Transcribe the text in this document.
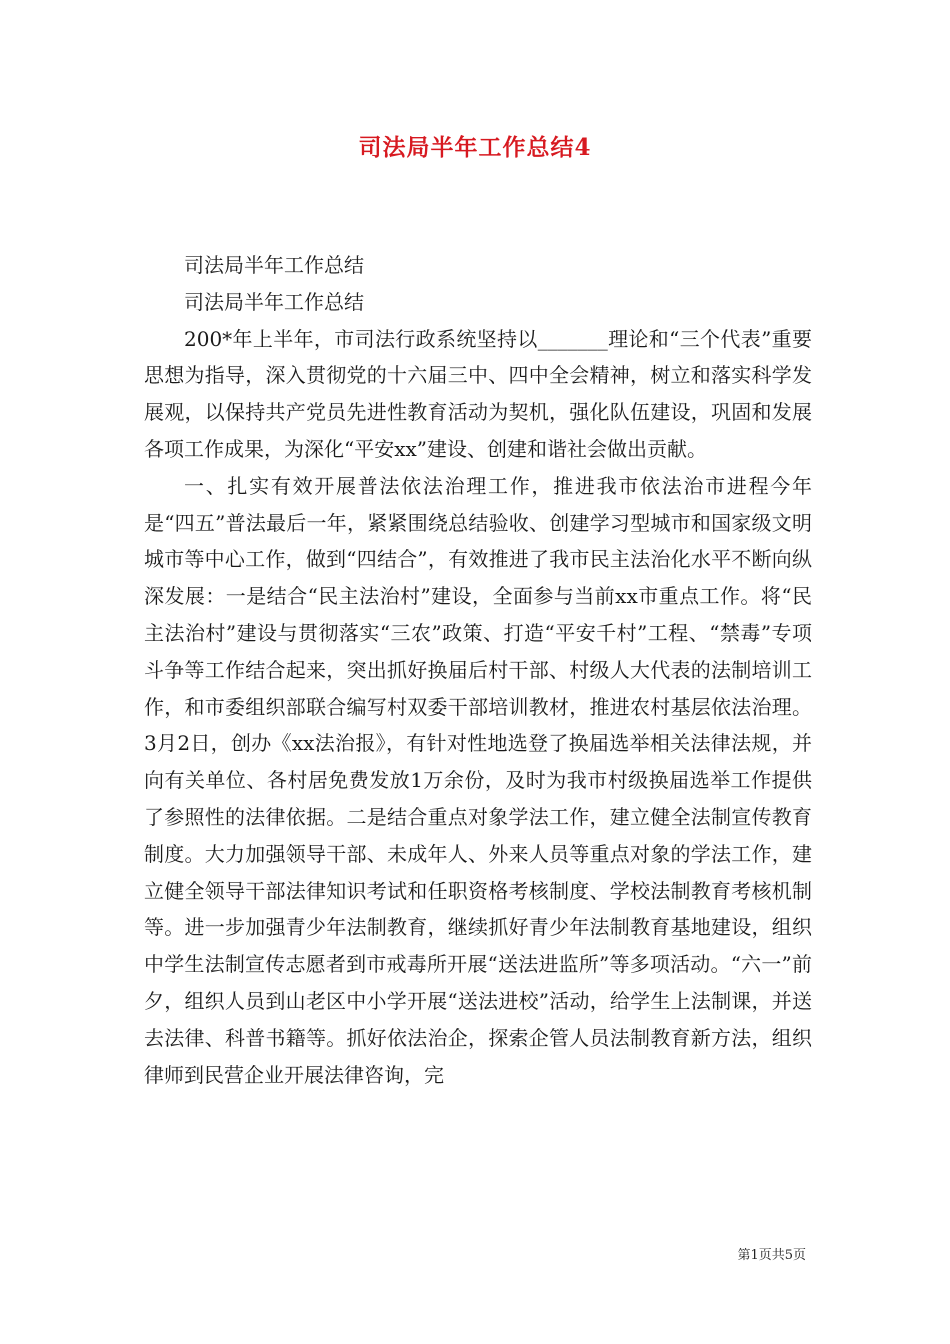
司法局半年工作总结4

司法局半年工作总结

司法局半年工作总结

200*年上半年，市司法行政系统坚持以_______理论和“三个代表”重要思想为指导，深入贯彻党的十六届三中、四中全会精神，树立和落实科学发展观，以保持共产党员先进性教育活动为契机，强化队伍建设，巩固和发展各项工作成果，为深化“平安xx”建设、创建和谐社会做出贡献。

一、扎实有效开展普法依法治理工作，推进我市依法治市进程今年是“四五”普法最后一年，紧紧围绕总结验收、创建学习型城市和国家级文明城市等中心工作，做到“四结合”，有效推进了我市民主法治化水平不断向纵深发展：一是结合“民主法治村”建设，全面参与当前xx市重点工作。将“民主法治村”建设与贯彻落实“三农”政策、打造“平安千村”工程、“禁毒”专项斗争等工作结合起来，突出抓好换届后村干部、村级人大代表的法制培训工作，和市委组织部联合编写村双委干部培训教材，推进农村基层依法治理。3月2日，创办《xx法治报》，有针对性地选登了换届选举相关法律法规，并向有关单位、各村居免费发放1万余份，及时为我市村级换届选举工作提供了参照性的法律依据。二是结合重点对象学法工作，建立健全法制宣传教育制度。大力加强领导干部、未成年人、外来人员等重点对象的学法工作，建立健全领导干部法律知识考试和任职资格考核制度、学校法制教育考核机制等。进一步加强青少年法制教育，继续抓好青少年法制教育基地建设，组织中学生法制宣传志愿者到市戒毒所开展“送法进监所”等多项活动。“六一”前夕，组织人员到山老区中小学开展“送法进校”活动，给学生上法制课，并送去法律、科普书籍等。抓好依法治企，探索企管人员法制教育新方法，组织律师到民营企业开展法律咨询，完

第1页共5页
